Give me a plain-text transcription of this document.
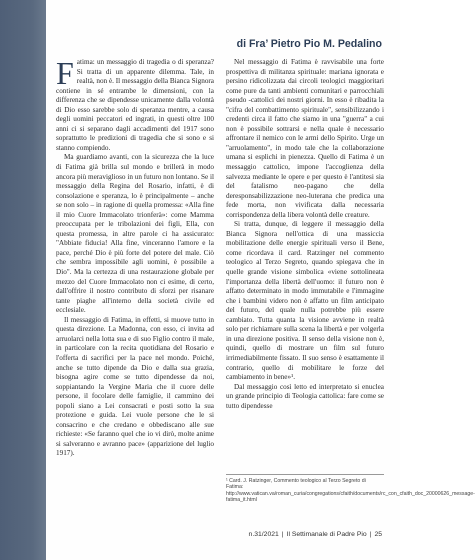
di Fra’ Pietro Pio M. Pedalino

Fatima: un messaggio di tragedia o di speranza? Si tratta di un apparente dilemma. Tale, in realtà, non è. Il messaggio della Bianca Signora contiene in sé entrambe le dimensioni, con la differenza che se dipendesse unicamente dalla volontà di Dio esso sarebbe solo di speranza mentre, a causa degli uomini peccatori ed ingrati, in questi oltre 100 anni ci si separano dagli accadimenti del 1917 sono soprattutto le predizioni di tragedia che si sono e si stanno compiendo.

Ma guardiamo avanti, con la sicurezza che la luce di Fatima già brilla sul mondo e brillerà in modo ancora più meraviglioso in un futuro non lontano. Se il messaggio della Regina del Rosario, infatti, è di consolazione e speranza, lo è principalmente – anche se non solo – in ragione di quella promessa: «Alla fine il mio Cuore Immacolato trionferà»: come Mamma preoccupata per le tribolazioni dei figli, Ella, con questa promessa, in altre parole ci ha assicurato: "Abbiate fiducia! Alla fine, vinceranno l'amore e la pace, perché Dio è più forte del potere del male. Ciò che sembra impossibile agli uomini, è possibile a Dio". Ma la certezza di una restaurazione globale per mezzo del Cuore Immacolato non ci esime, di certo, dall'offrire il nostro contributo di sforzi per risanare tante piaghe all'interno della società civile ed ecclesiale.

Il messaggio di Fatima, in effetti, si muove tutto in questa direzione. La Madonna, con esso, ci invita ad arruolarci nella lotta sua e di suo Figlio contro il male, in particolare con la recita quotidiana del Rosario e l'offerta di sacrifici per la pace nel mondo. Poiché, anche se tutto dipende da Dio e dalla sua grazia, bisogna agire come se tutto dipendesse da noi, soppiantando la Vergine Maria che il cuore delle persone, il focolare delle famiglie, il cammino dei popoli siano a Lei consacrati e posti sotto la sua protezione e guida. Lei vuole persone che le si consacrino e che credano e obbediscano alle sue richieste: «Se faranno quel che io vi dirò, molte anime si salveranno e avranno pace» (apparizione del luglio 1917).

Nel messaggio di Fatima è ravvisabile una forte prospettiva di militanza spirituale: mariana ignorata e persino ridicolizzata dai circoli teologici maggioritari come pure da tanti ambienti comunitari e parrocchiali pseudo -cattolici dei nostri giorni. In esso è ribadita la "cifra del combattimento spirituale", sensibilizzando i credenti circa il fatto che siamo in una "guerra" a cui non è possibile sottrarsi e nella quale è necessario affrontare il nemico con le armi dello Spirito. Urge un "arruolamento", in modo tale che la collaborazione umana si esplichi in pienezza. Quello di Fatima è un messaggio cattolico, impone l'accoglienza della salvezza mediante le opere e per questo è l'antitesi sia del fatalismo neo-pagano che della deresponsabilizzazione neo-luterana che predica una fede morta, non vivificata dalla necessaria corrispondenza della libera volontà delle creature.

Si tratta, dunque, di leggere il messaggio della Bianca Signora nell'ottica di una massiccia mobilitazione delle energie spirituali verso il Bene, come ricordava il card. Ratzinger nel commento teologico al Terzo Segreto, quando spiegava che in quelle grande visione simbolica «viene sottolineata l'importanza della libertà dell'uomo: il futuro non è affatto determinato in modo immutabile e l'immagine che i bambini videro non è affatto un film anticipato del futuro, del quale nulla potrebbe più essere cambiato. Tutta quanta la visione avviene in realtà solo per richiamare sulla scena la libertà e per volgerla in una direzione positiva. Il senso della visione non è, quindi, quello di mostrare un film sul futuro irrimediabilmente fissato. Il suo senso è esattamente il contrario, quello di mobilitare le forze del cambiamento in bene»¹.

Dal messaggio così letto ed interpretato si enuclea un grande principio di Teologia cattolica: fare come se tutto dipendesse

¹ Card. J. Ratzinger, Commento teologico al Terzo Segreto di Fatima: http://www.vatican.va/roman_curia/congregations/cfaith/documents/rc_con_cfaith_doc_20000626_message-fatima_it.html
n.31/2021 | Il Settimanale di Padre Pio | 25
